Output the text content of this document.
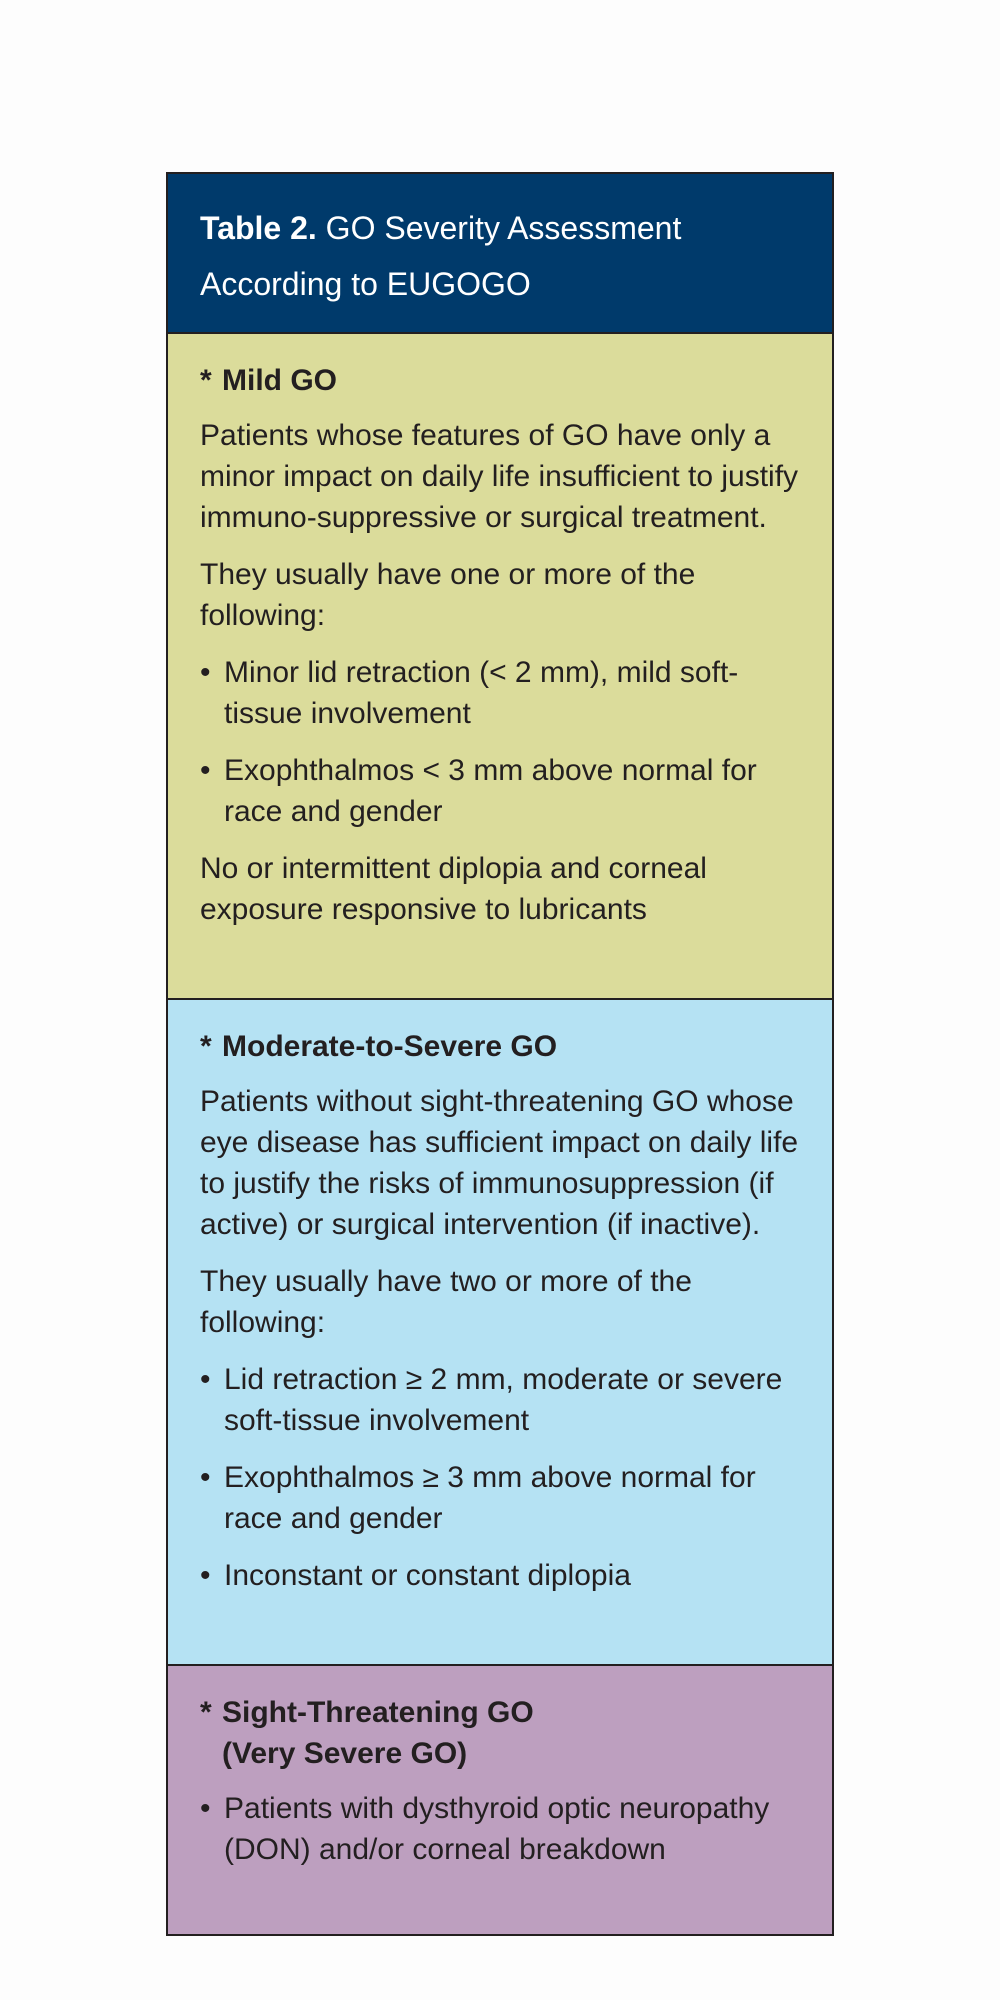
Table 2. GO Severity Assessment
According to EUGOGO
* Mild GO

Patients whose features of GO have only a minor impact on daily life insufficient to justify immuno-suppressive or surgical treatment.

They usually have one or more of the following:

• Minor lid retraction (< 2 mm), mild soft-tissue involvement
• Exophthalmos < 3 mm above normal for race and gender

No or intermittent diplopia and corneal exposure responsive to lubricants

* Moderate-to-Severe GO

Patients without sight-threatening GO whose eye disease has sufficient impact on daily life to justify the risks of immunosuppression (if active) or surgical intervention (if inactive).

They usually have two or more of the following:

• Lid retraction ≥ 2 mm, moderate or severe soft-tissue involvement
• Exophthalmos ≥ 3 mm above normal for race and gender
• Inconstant or constant diplopia
* Sight-Threatening GO
(Very Severe GO)
• Patients with dysthyroid optic neuropathy (DON) and/or corneal breakdown
